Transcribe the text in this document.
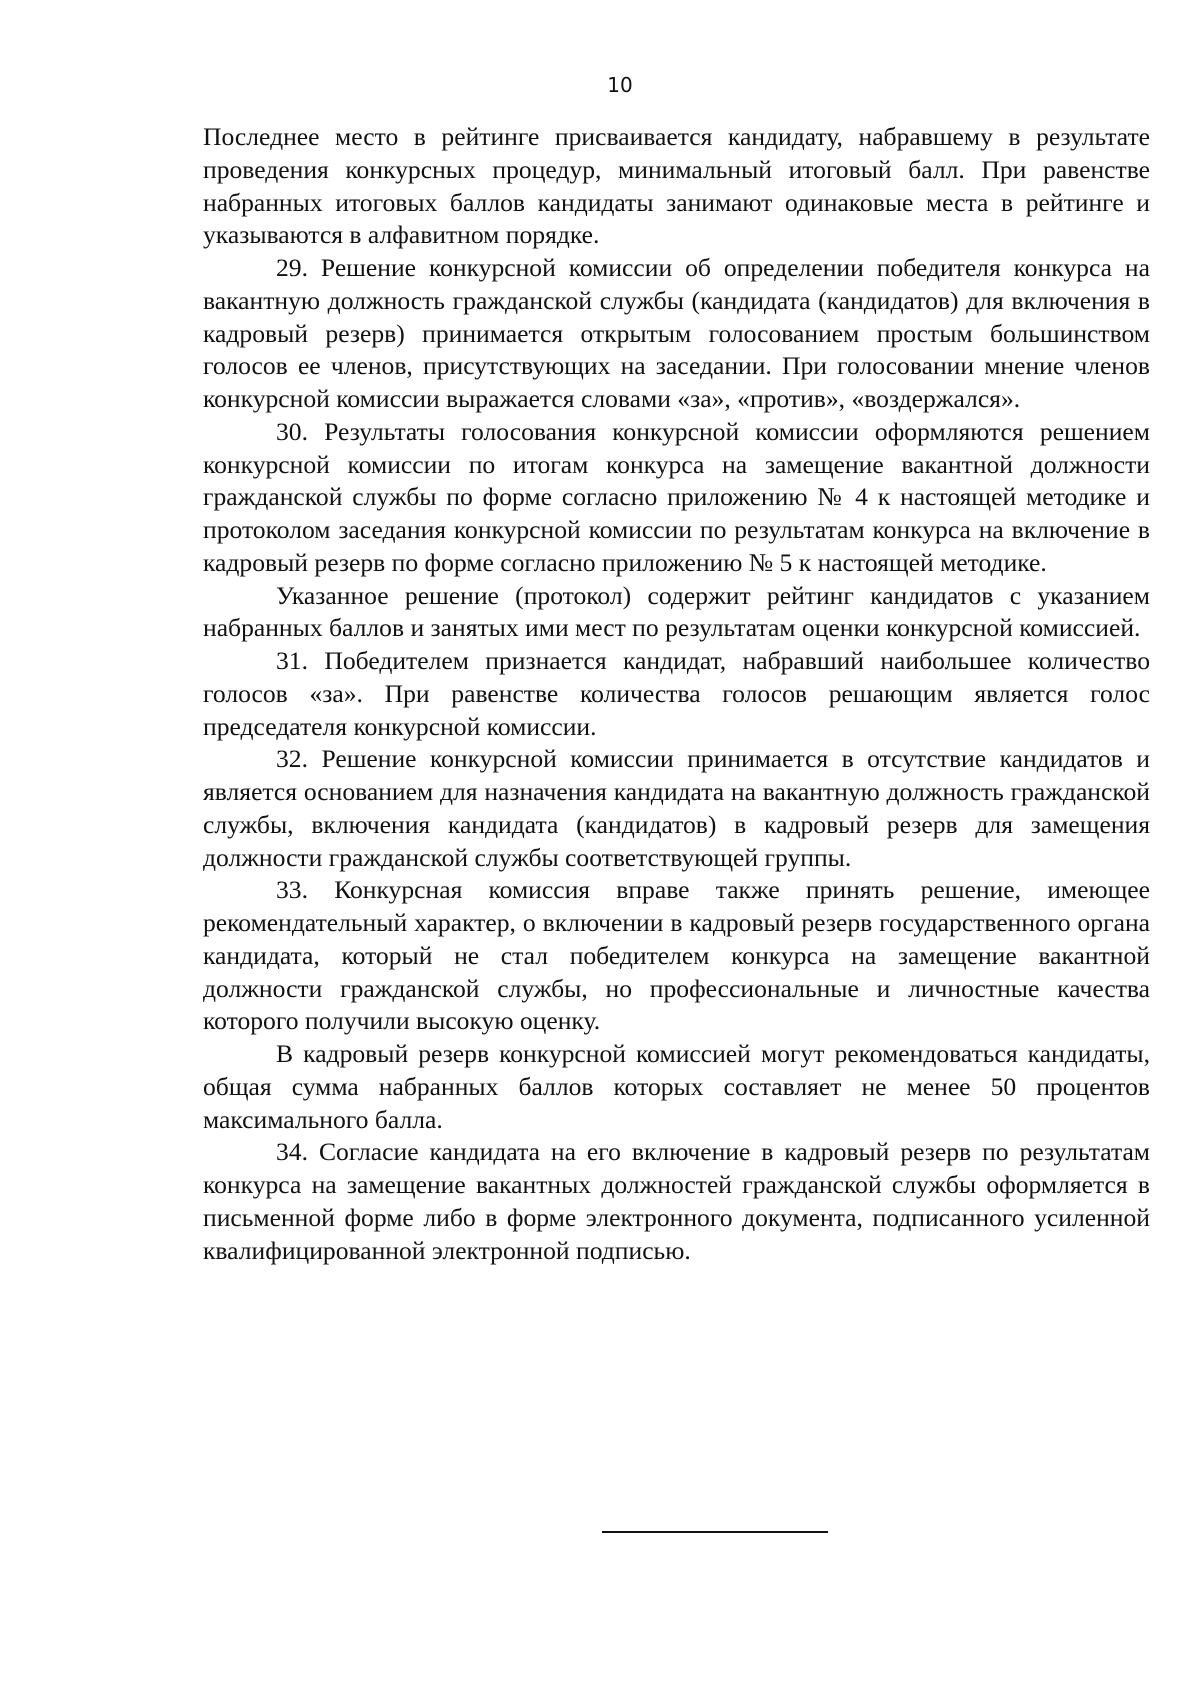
10

Последнее место в рейтинге присваивается кандидату, набравшему в результате проведения конкурсных процедур, минимальный итоговый балл. При равенстве набранных итоговых баллов кандидаты занимают одинаковые места в рейтинге и указываются в алфавитном порядке.

29. Решение конкурсной комиссии об определении победителя конкурса на вакантную должность гражданской службы (кандидата (кандидатов) для включения в кадровый резерв) принимается открытым голосованием простым большинством голосов ее членов, присутствующих на заседании. При голосовании мнение членов конкурсной комиссии выражается словами «за», «против», «воздержался».

30. Результаты голосования конкурсной комиссии оформляются решением конкурсной комиссии по итогам конкурса на замещение вакантной должности гражданской службы по форме согласно приложению № 4 к настоящей методике и протоколом заседания конкурсной комиссии по результатам конкурса на включение в кадровый резерв по форме согласно приложению № 5 к настоящей методике.

Указанное решение (протокол) содержит рейтинг кандидатов с указанием набранных баллов и занятых ими мест по результатам оценки конкурсной комиссией.

31. Победителем признается кандидат, набравший наибольшее количество голосов «за». При равенстве количества голосов решающим является голос председателя конкурсной комиссии.

32. Решение конкурсной комиссии принимается в отсутствие кандидатов и является основанием для назначения кандидата на вакантную должность гражданской службы, включения кандидата (кандидатов) в кадровый резерв для замещения должности гражданской службы соответствующей группы.

33. Конкурсная комиссия вправе также принять решение, имеющее рекомендательный характер, о включении в кадровый резерв государственного органа кандидата, который не стал победителем конкурса на замещение вакантной должности гражданской службы, но профессиональные и личностные качества которого получили высокую оценку.

В кадровый резерв конкурсной комиссией могут рекомендоваться кандидаты, общая сумма набранных баллов которых составляет не менее 50 процентов максимального балла.

34. Согласие кандидата на его включение в кадровый резерв по результатам конкурса на замещение вакантных должностей гражданской службы оформляется в письменной форме либо в форме электронного документа, подписанного усиленной квалифицированной электронной подписью.
